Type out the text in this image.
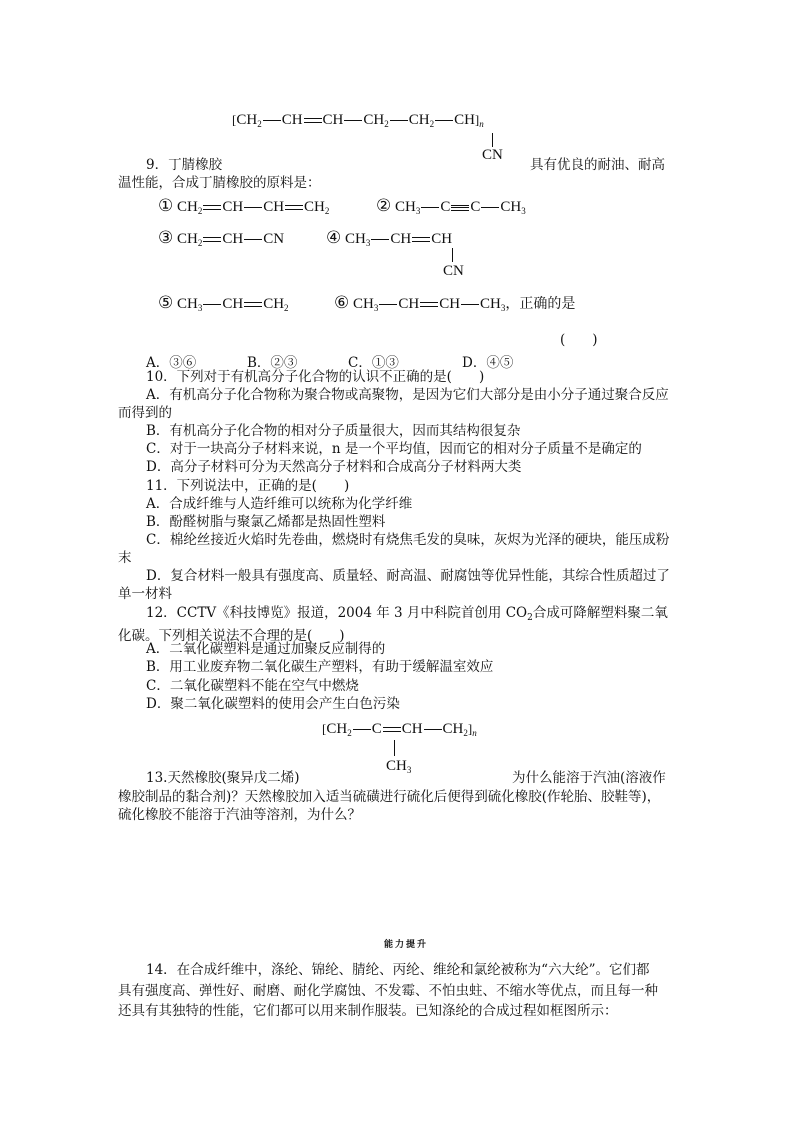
[$CH_2$ CH CH $CH_2$ $CH_2$ $CH]_n$
CN
9．丁腈橡胶	具有优良的耐油、耐高
温性能，合成丁腈橡胶的原料是：
① $CH_2$ CH CH $CH_2$	② $CH_3$ C C $CH_3$
③ $CH_2$ CH CN ④ $CH_3$ CH CH
CN
⑤ $CH_3$ CH $CH_2$	⑥ $CH_3$ CH CH $CH_3$，正确的是
(　　)
A．③⑥	B．②③	C．①③	D．④⑤
10．下列对于有机高分子化合物的认识不正确的是(　　)
A．有机高分子化合物称为聚合物或高聚物，是因为它们大部分是由小分子通过聚合反应而得到的
B．有机高分子化合物的相对分子质量很大，因而其结构很复杂
C．对于一块高分子材料来说，n 是一个平均值，因而它的相对分子质量不是确定的
D．高分子材料可分为天然高分子材料和合成高分子材料两大类
11．下列说法中，正确的是(　　)
A．合成纤维与人造纤维可以统称为化学纤维
B．酚醛树脂与聚氯乙烯都是热固性塑料
C．棉纶丝接近火焰时先卷曲，燃烧时有烧焦毛发的臭味，灰烬为光泽的硬块，能压成粉末
D．复合材料一般具有强度高、质量轻、耐高温、耐腐蚀等优异性能，其综合性质超过了单一材料
12．CCTV《科技博览》报道，2004 年 3 月中科院首创用 $CO_2$合成可降解塑料聚二氧化碳。下列相关说法不合理的是(　　)
A．二氧化碳塑料是通过加聚反应制得的
B．用工业废弃物二氧化碳生产塑料，有助于缓解温室效应
C．二氧化碳塑料不能在空气中燃烧
D．聚二氧化碳塑料的使用会产生白色污染
[$CH_2$ C CH $CH_2]_n$
$CH_3$
13.天然橡胶(聚异戊二烯)	为什么能溶于汽油(溶液作
橡胶制品的黏合剂)？天然橡胶加入适当硫磺进行硫化后便得到硫化橡胶(作轮胎、胶鞋等)，
硫化橡胶不能溶于汽油等溶剂，为什么？
能力提升
14．在合成纤维中，涤纶、锦纶、腈纶、丙纶、维纶和氯纶被称为“六大纶”。它们都
具有强度高、弹性好、耐磨、耐化学腐蚀、不发霉、不怕虫蛀、不缩水等优点，而且每一种
还具有其独特的性能，它们都可以用来制作服装。已知涤纶的合成过程如框图所示：
